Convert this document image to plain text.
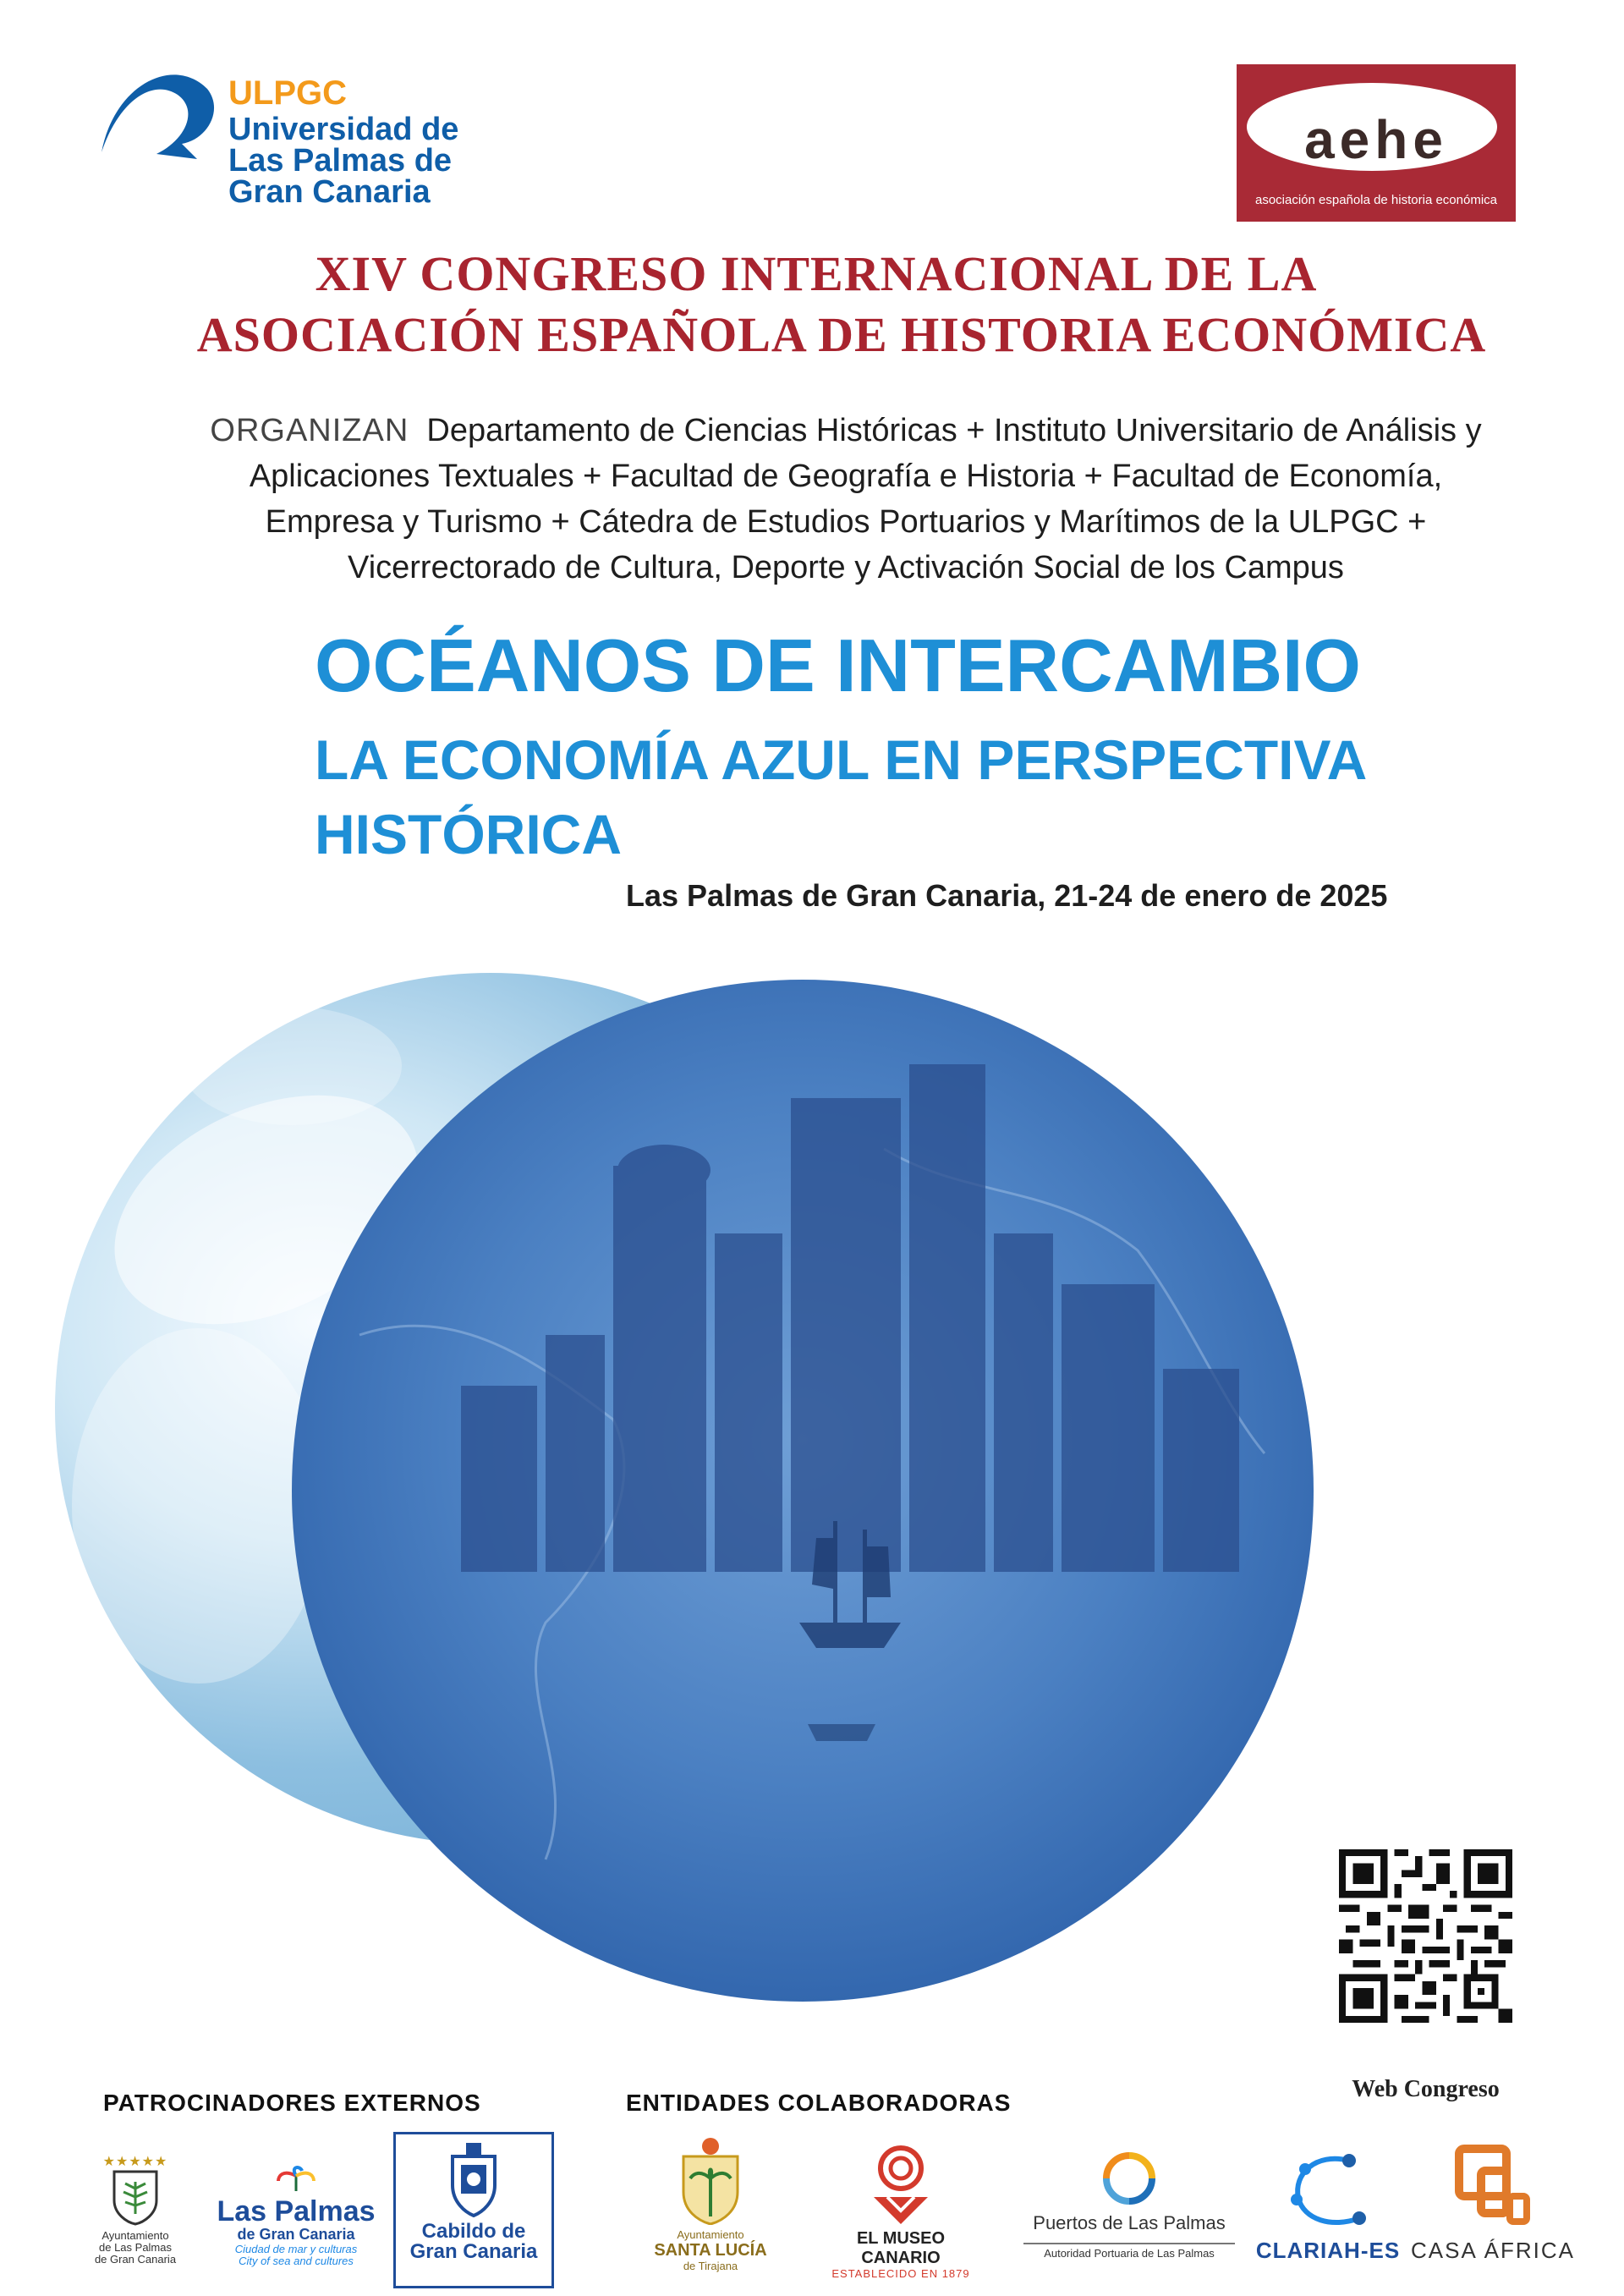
ULPGC
Universidad de
Las Palmas de
Gran Canaria
aehe
asociación española de historia económica
XIV CONGRESO INTERNACIONAL DE LA
ASOCIACIÓN ESPAÑOLA DE HISTORIA ECONÓMICA
ORGANIZAN Departamento de Ciencias Históricas + Instituto Universitario de Análisis y
Aplicaciones Textuales + Facultad de Geografía e Historia + Facultad de Economía,
Empresa y Turismo + Cátedra de Estudios Portuarios y Marítimos de la ULPGC +
Vicerrectorado de Cultura, Deporte y Activación Social de los Campus
OCÉANOS DE INTERCAMBIO
LA ECONOMÍA AZUL EN PERSPECTIVA
HISTÓRICA
Las Palmas de Gran Canaria, 21-24 de enero de 2025
Web Congreso
PATROCINADORES EXTERNOS	ENTIDADES COLABORADORAS
★★★★★
Ayuntamiento
de Las Palmas
de Gran Canaria
Las Palmas
de Gran Canaria
Ciudad de mar y culturas
City of sea and cultures
Cabildo de
Gran Canaria
Ayuntamiento
SANTA LUCÍA
de Tirajana
EL MUSEO CANARIO
ESTABLECIDO EN 1879
Puertos de Las Palmas
Autoridad Portuaria de Las Palmas	CLARIAH-ES CASA ÁFRICA
